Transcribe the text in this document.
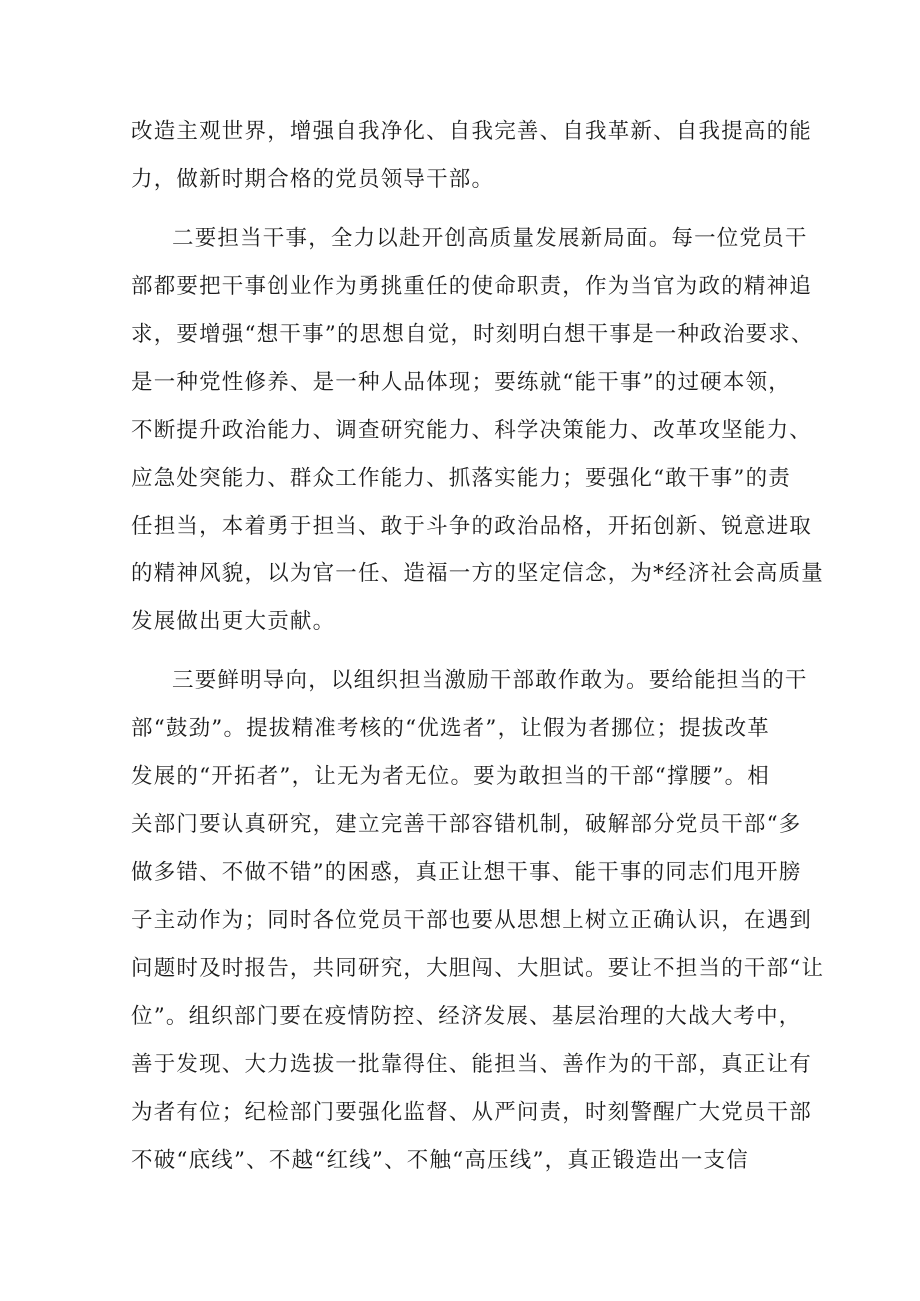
改造主观世界，增强自我净化、自我完善、自我革新、自我提高的能
力，做新时期合格的党员领导干部。
二要担当干事，全力以赴开创高质量发展新局面。每一位党员干
部都要把干事创业作为勇挑重任的使命职责，作为当官为政的精神追
求，要增强“想干事”的思想自觉，时刻明白想干事是一种政治要求、
是一种党性修养、是一种人品体现；要练就“能干事”的过硬本领，
不断提升政治能力、调查研究能力、科学决策能力、改革攻坚能力、
应急处突能力、群众工作能力、抓落实能力；要强化“敢干事”的责
任担当，本着勇于担当、敢于斗争的政治品格，开拓创新、锐意进取
的精神风貌，以为官一任、造福一方的坚定信念，为*经济社会高质量
发展做出更大贡献。
三要鲜明导向，以组织担当激励干部敢作敢为。要给能担当的干
部“鼓劲”。提拔精准考核的“优选者”，让假为者挪位；提拔改革
发展的“开拓者”，让无为者无位。要为敢担当的干部“撑腰”。相
关部门要认真研究，建立完善干部容错机制，破解部分党员干部“多
做多错、不做不错”的困惑，真正让想干事、能干事的同志们甩开膀
子主动作为；同时各位党员干部也要从思想上树立正确认识，在遇到
问题时及时报告，共同研究，大胆闯、大胆试。要让不担当的干部“让
位”。组织部门要在疫情防控、经济发展、基层治理的大战大考中，
善于发现、大力选拔一批靠得住、能担当、善作为的干部，真正让有
为者有位；纪检部门要强化监督、从严问责，时刻警醒广大党员干部
不破“底线”、不越“红线”、不触“高压线”，真正锻造出一支信
